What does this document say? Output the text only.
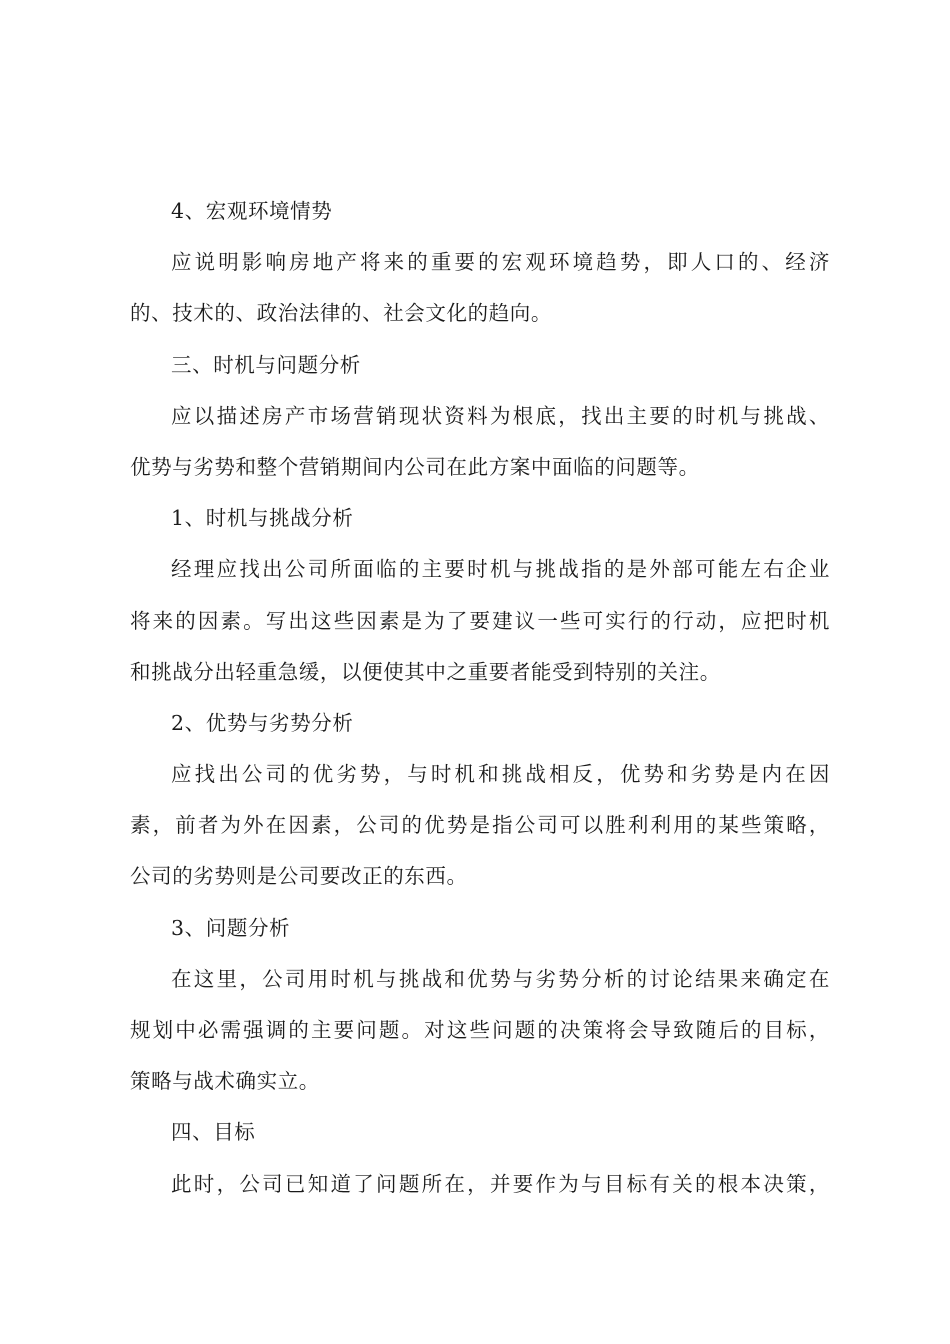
4、宏观环境情势
应说明影响房地产将来的重要的宏观环境趋势，即人口的、经济
的、技术的、政治法律的、社会文化的趋向。
三、时机与问题分析
应以描述房产市场营销现状资料为根底，找出主要的时机与挑战、
优势与劣势和整个营销期间内公司在此方案中面临的问题等。
1、时机与挑战分析
经理应找出公司所面临的主要时机与挑战指的是外部可能左右企业
将来的因素。写出这些因素是为了要建议一些可实行的行动，应把时机
和挑战分出轻重急缓，以便使其中之重要者能受到特别的关注。
2、优势与劣势分析
应找出公司的优劣势，与时机和挑战相反，优势和劣势是内在因
素，前者为外在因素，公司的优势是指公司可以胜利利用的某些策略，
公司的劣势则是公司要改正的东西。
3、问题分析
在这里，公司用时机与挑战和优势与劣势分析的讨论结果来确定在
规划中必需强调的主要问题。对这些问题的决策将会导致随后的目标，
策略与战术确实立。
四、目标
此时，公司已知道了问题所在，并要作为与目标有关的根本决策，
